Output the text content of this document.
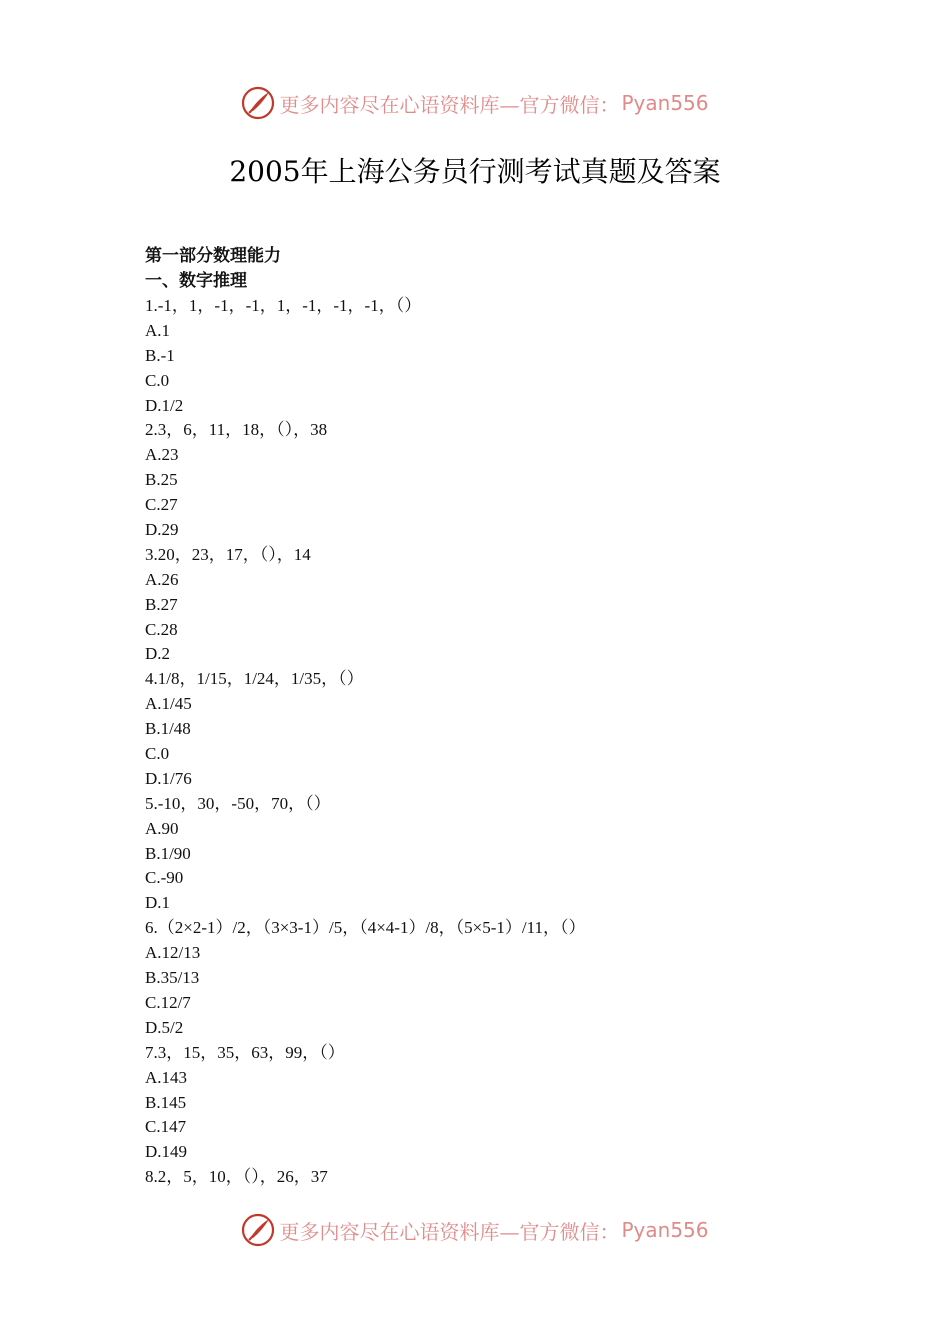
更多内容尽在心语资料库—官方微信： Pyan556
2005年上海公务员行测考试真题及答案

第一部分数理能力

一、数字推理

1.-1，1，-1，-1，1，-1，-1，-1，（）

A.1

B.-1

C.0

D.1/2

2.3，6，11，18，（），38

A.23

B.25

C.27

D.29

3.20，23，17，（），14

A.26

B.27

C.28

D.2

4.1/8，1/15，1/24，1/35，（）

A.1/45

B.1/48

C.0

D.1/76

5.-10，30，-50，70，（）

A.90

B.1/90

C.-90

D.1

6.（2×2-1）/2，（3×3-1）/5，（4×4-1）/8，（5×5-1）/11，（）

A.12/13

B.35/13

C.12/7

D.5/2

7.3，15，35，63，99，（）

A.143

B.145

C.147

D.149

8.2，5，10，（），26，37

更多内容尽在心语资料库—官方微信： Pyan556
